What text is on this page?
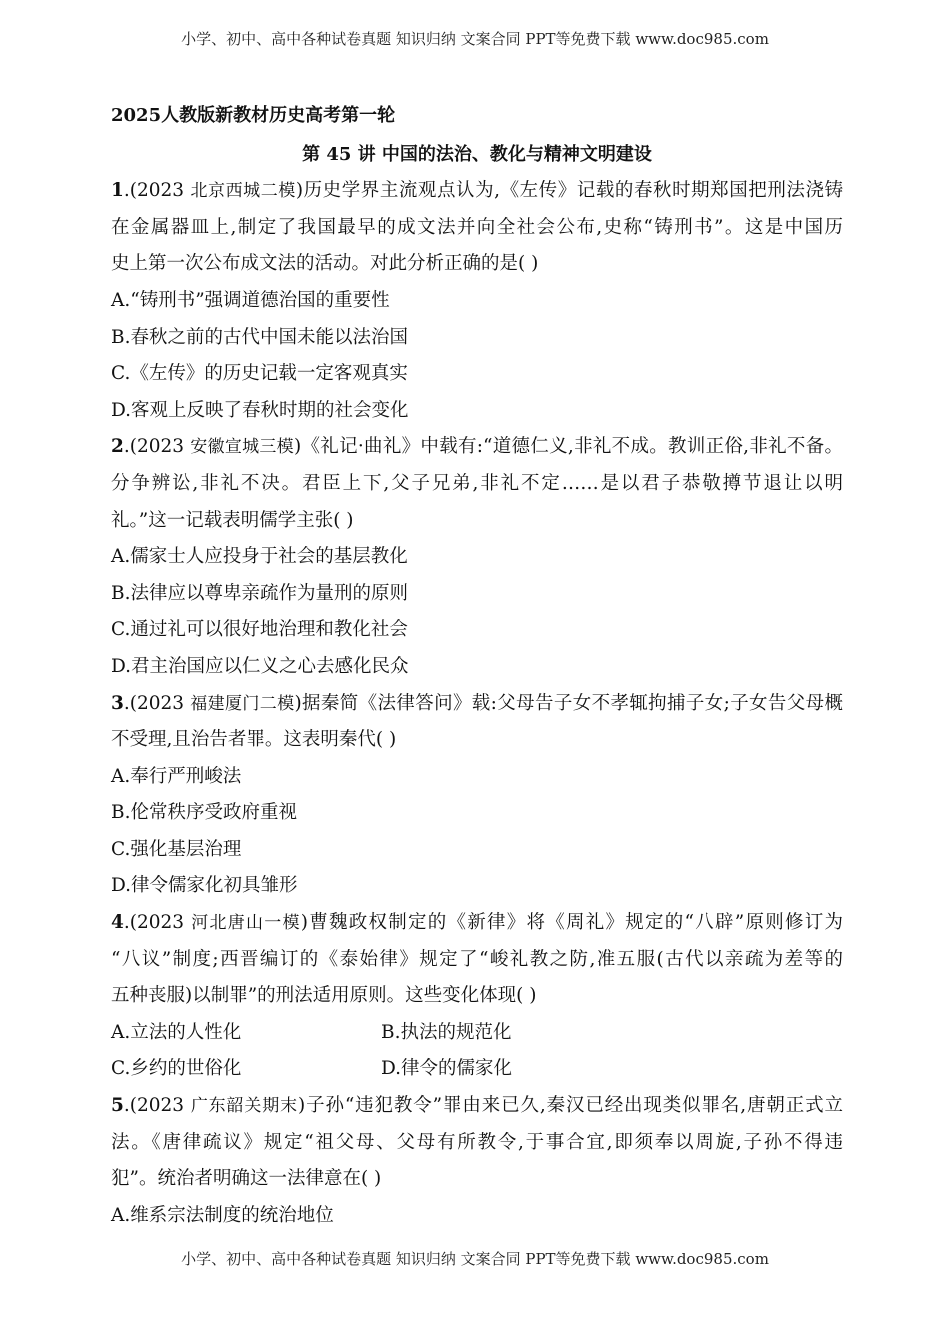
小学、初中、高中各种试卷真题 知识归纳 文案合同 PPT等免费下载 www.doc985.com
2025人教版新教材历史高考第一轮
第 45 讲 中国的法治、教化与精神文明建设
1.(2023 北京西城二模)历史学界主流观点认为,《左传》记载的春秋时期郑国把刑法浇铸
在金属器皿上,制定了我国最早的成文法并向全社会公布,史称“铸刑书”。这是中国历
史上第一次公布成文法的活动。对此分析正确的是( )
A.“铸刑书”强调道德治国的重要性
B.春秋之前的古代中国未能以法治国
C.《左传》的历史记载一定客观真实
D.客观上反映了春秋时期的社会变化
2.(2023 安徽宣城三模)《礼记·曲礼》中载有:“道德仁义,非礼不成。教训正俗,非礼不备。
分争辨讼,非礼不决。君臣上下,父子兄弟,非礼不定……是以君子恭敬撙节退让以明
礼。”这一记载表明儒学主张( )
A.儒家士人应投身于社会的基层教化
B.法律应以尊卑亲疏作为量刑的原则
C.通过礼可以很好地治理和教化社会
D.君主治国应以仁义之心去感化民众
3.(2023 福建厦门二模)据秦简《法律答问》载:父母告子女不孝辄拘捕子女;子女告父母概
不受理,且治告者罪。这表明秦代( )
A.奉行严刑峻法
B.伦常秩序受政府重视
C.强化基层治理
D.律令儒家化初具雏形
4.(2023 河北唐山一模)曹魏政权制定的《新律》将《周礼》规定的“八辟”原则修订为
“八议”制度;西晋编订的《泰始律》规定了“峻礼教之防,准五服(古代以亲疏为差等的
五种丧服)以制罪”的刑法适用原则。这些变化体现( )
A.立法的人性化	B.执法的规范化
C.乡约的世俗化	D.律令的儒家化
5.(2023 广东韶关期末)子孙“违犯教令”罪由来已久,秦汉已经出现类似罪名,唐朝正式立
法。《唐律疏议》规定“祖父母、父母有所教令,于事合宜,即须奉以周旋,子孙不得违
犯”。统治者明确这一法律意在( )
A.维系宗法制度的统治地位
小学、初中、高中各种试卷真题 知识归纳 文案合同 PPT等免费下载 www.doc985.com
